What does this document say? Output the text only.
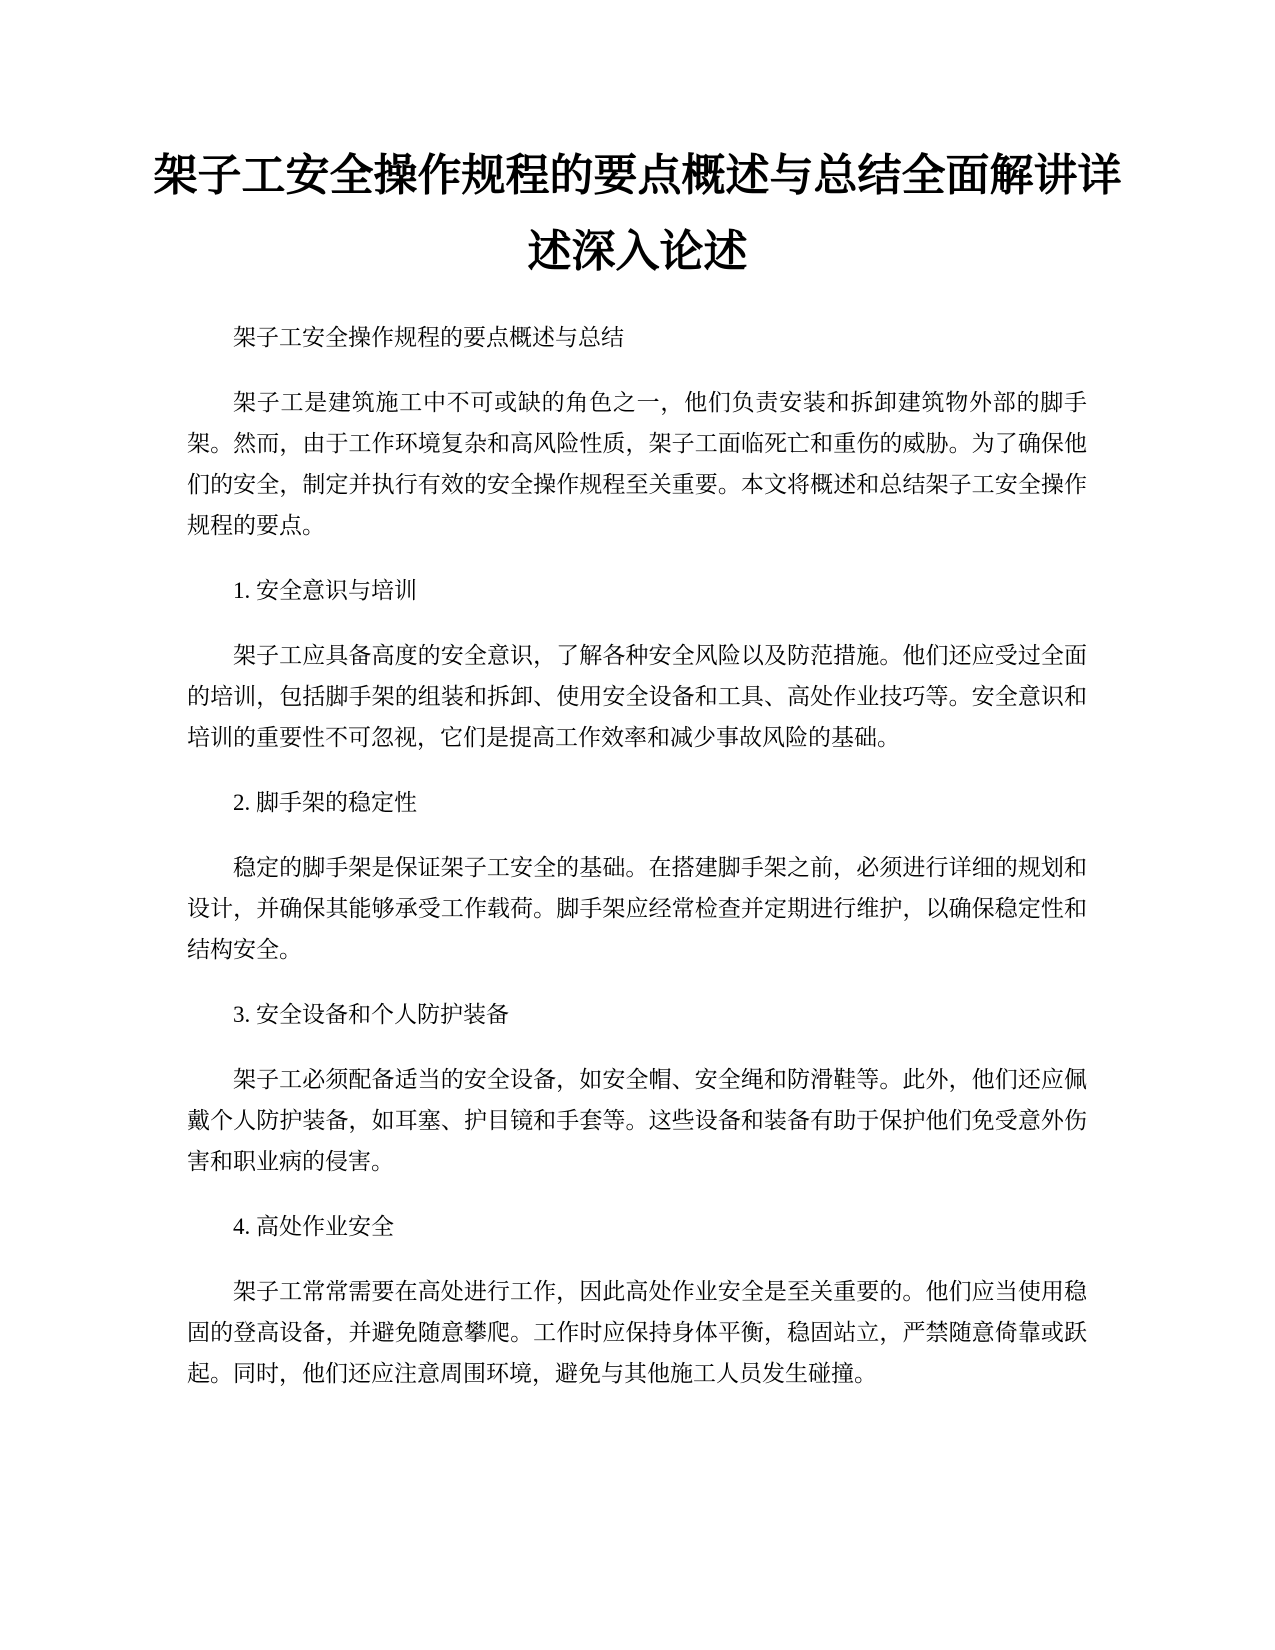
架子工安全操作规程的要点概述与总结全面解讲详述深入论述

架子工安全操作规程的要点概述与总结

架子工是建筑施工中不可或缺的角色之一，他们负责安装和拆卸建筑物外部的脚手架。然而，由于工作环境复杂和高风险性质，架子工面临死亡和重伤的威胁。为了确保他们的安全，制定并执行有效的安全操作规程至关重要。本文将概述和总结架子工安全操作规程的要点。

1. 安全意识与培训

架子工应具备高度的安全意识，了解各种安全风险以及防范措施。他们还应受过全面的培训，包括脚手架的组装和拆卸、使用安全设备和工具、高处作业技巧等。安全意识和培训的重要性不可忽视，它们是提高工作效率和减少事故风险的基础。

2. 脚手架的稳定性

稳定的脚手架是保证架子工安全的基础。在搭建脚手架之前，必须进行详细的规划和设计，并确保其能够承受工作载荷。脚手架应经常检查并定期进行维护，以确保稳定性和结构安全。

3. 安全设备和个人防护装备

架子工必须配备适当的安全设备，如安全帽、安全绳和防滑鞋等。此外，他们还应佩戴个人防护装备，如耳塞、护目镜和手套等。这些设备和装备有助于保护他们免受意外伤害和职业病的侵害。

4. 高处作业安全

架子工常常需要在高处进行工作，因此高处作业安全是至关重要的。他们应当使用稳固的登高设备，并避免随意攀爬。工作时应保持身体平衡，稳固站立，严禁随意倚靠或跃起。同时，他们还应注意周围环境，避免与其他施工人员发生碰撞。
